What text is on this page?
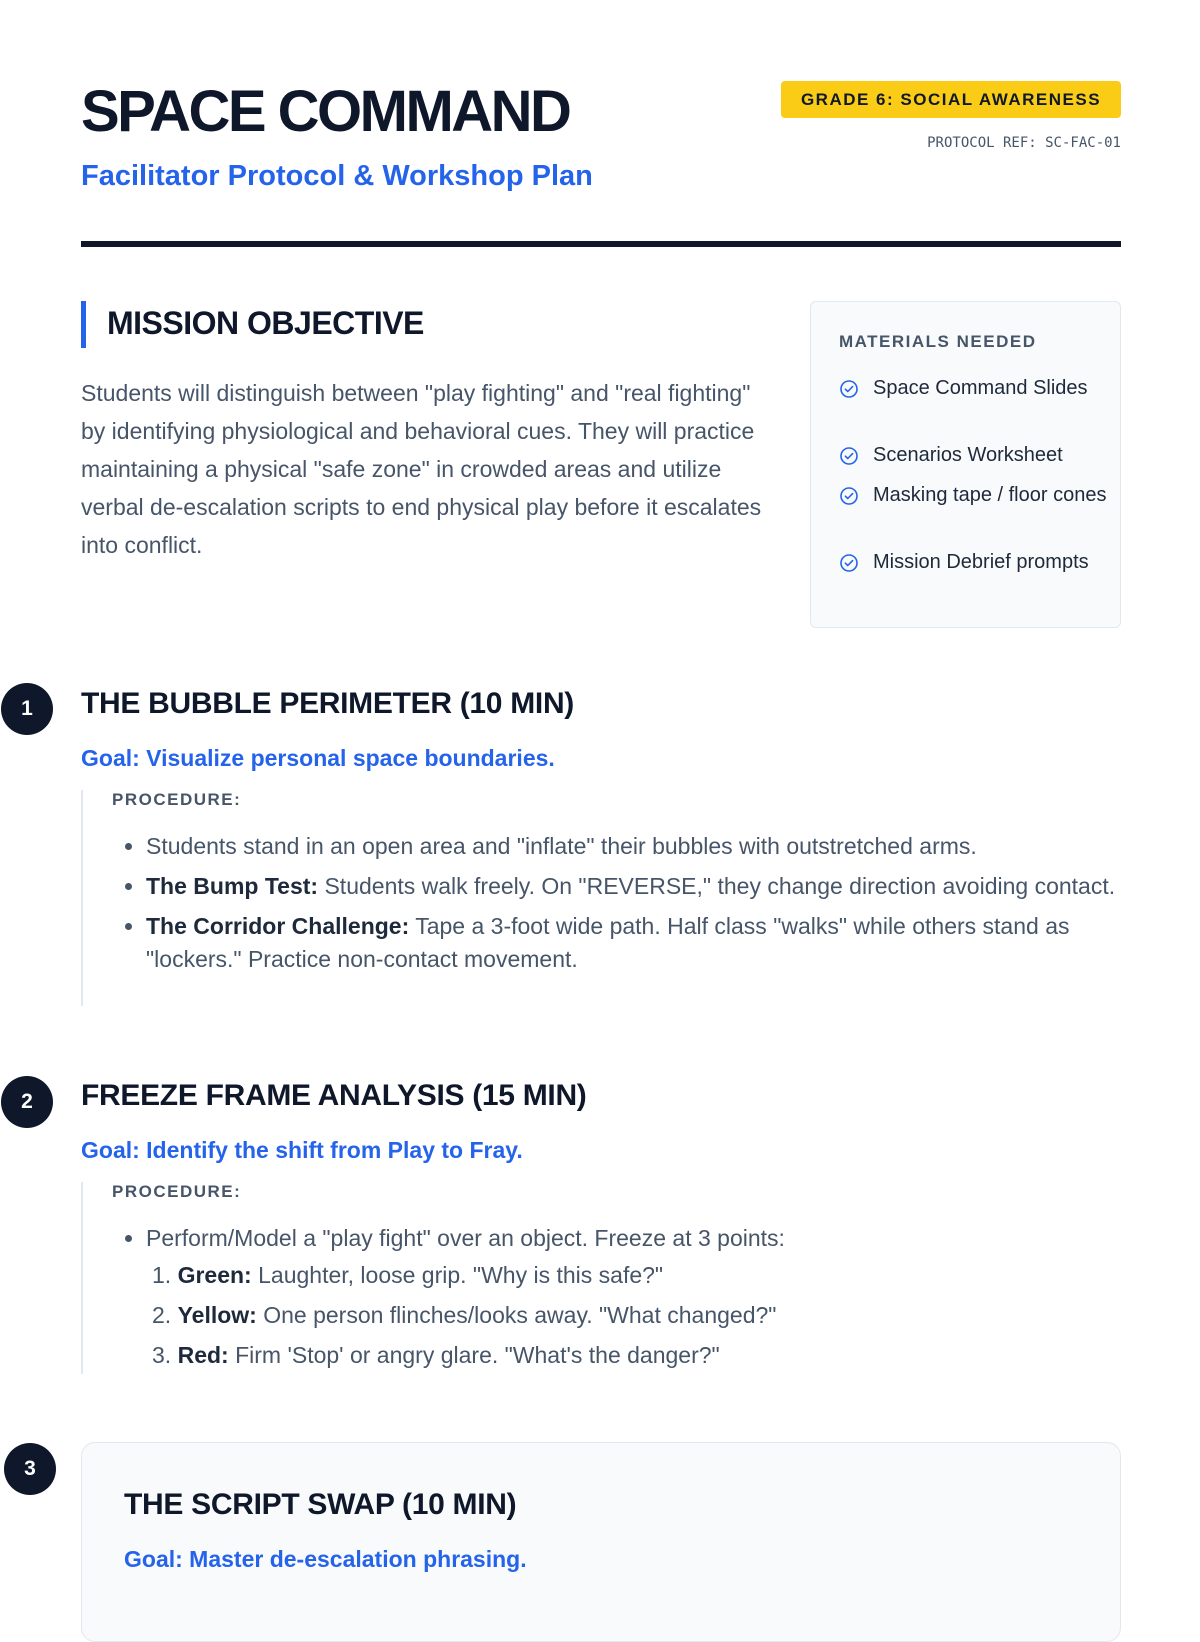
SPACE COMMAND
Facilitator Protocol & Workshop Plan
GRADE 6: SOCIAL AWARENESS
PROTOCOL REF: SC-FAC-01
MISSION OBJECTIVE

Students will distinguish between "play fighting" and "real fighting" by identifying physiological and behavioral cues. They will practice maintaining a physical "safe zone" in crowded areas and utilize verbal de-escalation scripts to end physical play before it escalates into conflict.

MATERIALS NEEDED
Space Command Slides
Scenarios Worksheet
Masking tape / floor cones
Mission Debrief prompts
1	THE BUBBLE PERIMETER (10 MIN)

Goal: Visualize personal space boundaries.

PROCEDURE:

• Students stand in an open area and "inflate" their bubbles with outstretched arms.
• The Bump Test: Students walk freely. On "REVERSE," they change direction avoiding contact.
• The Corridor Challenge: Tape a 3-foot wide path. Half class "walks" while others stand as "lockers." Practice non-contact movement.
2	FREEZE FRAME ANALYSIS (15 MIN)

Goal: Identify the shift from Play to Fray.

PROCEDURE:

• Perform/Model a "play fight" over an object. Freeze at 3 points:
1. Green: Laughter, loose grip. "Why is this safe?"
2. Yellow: One person flinches/looks away. "What changed?"
3. Red: Firm 'Stop' or angry glare. "What's the danger?"
3
THE SCRIPT SWAP (10 MIN)

Goal: Master de-escalation phrasing.
